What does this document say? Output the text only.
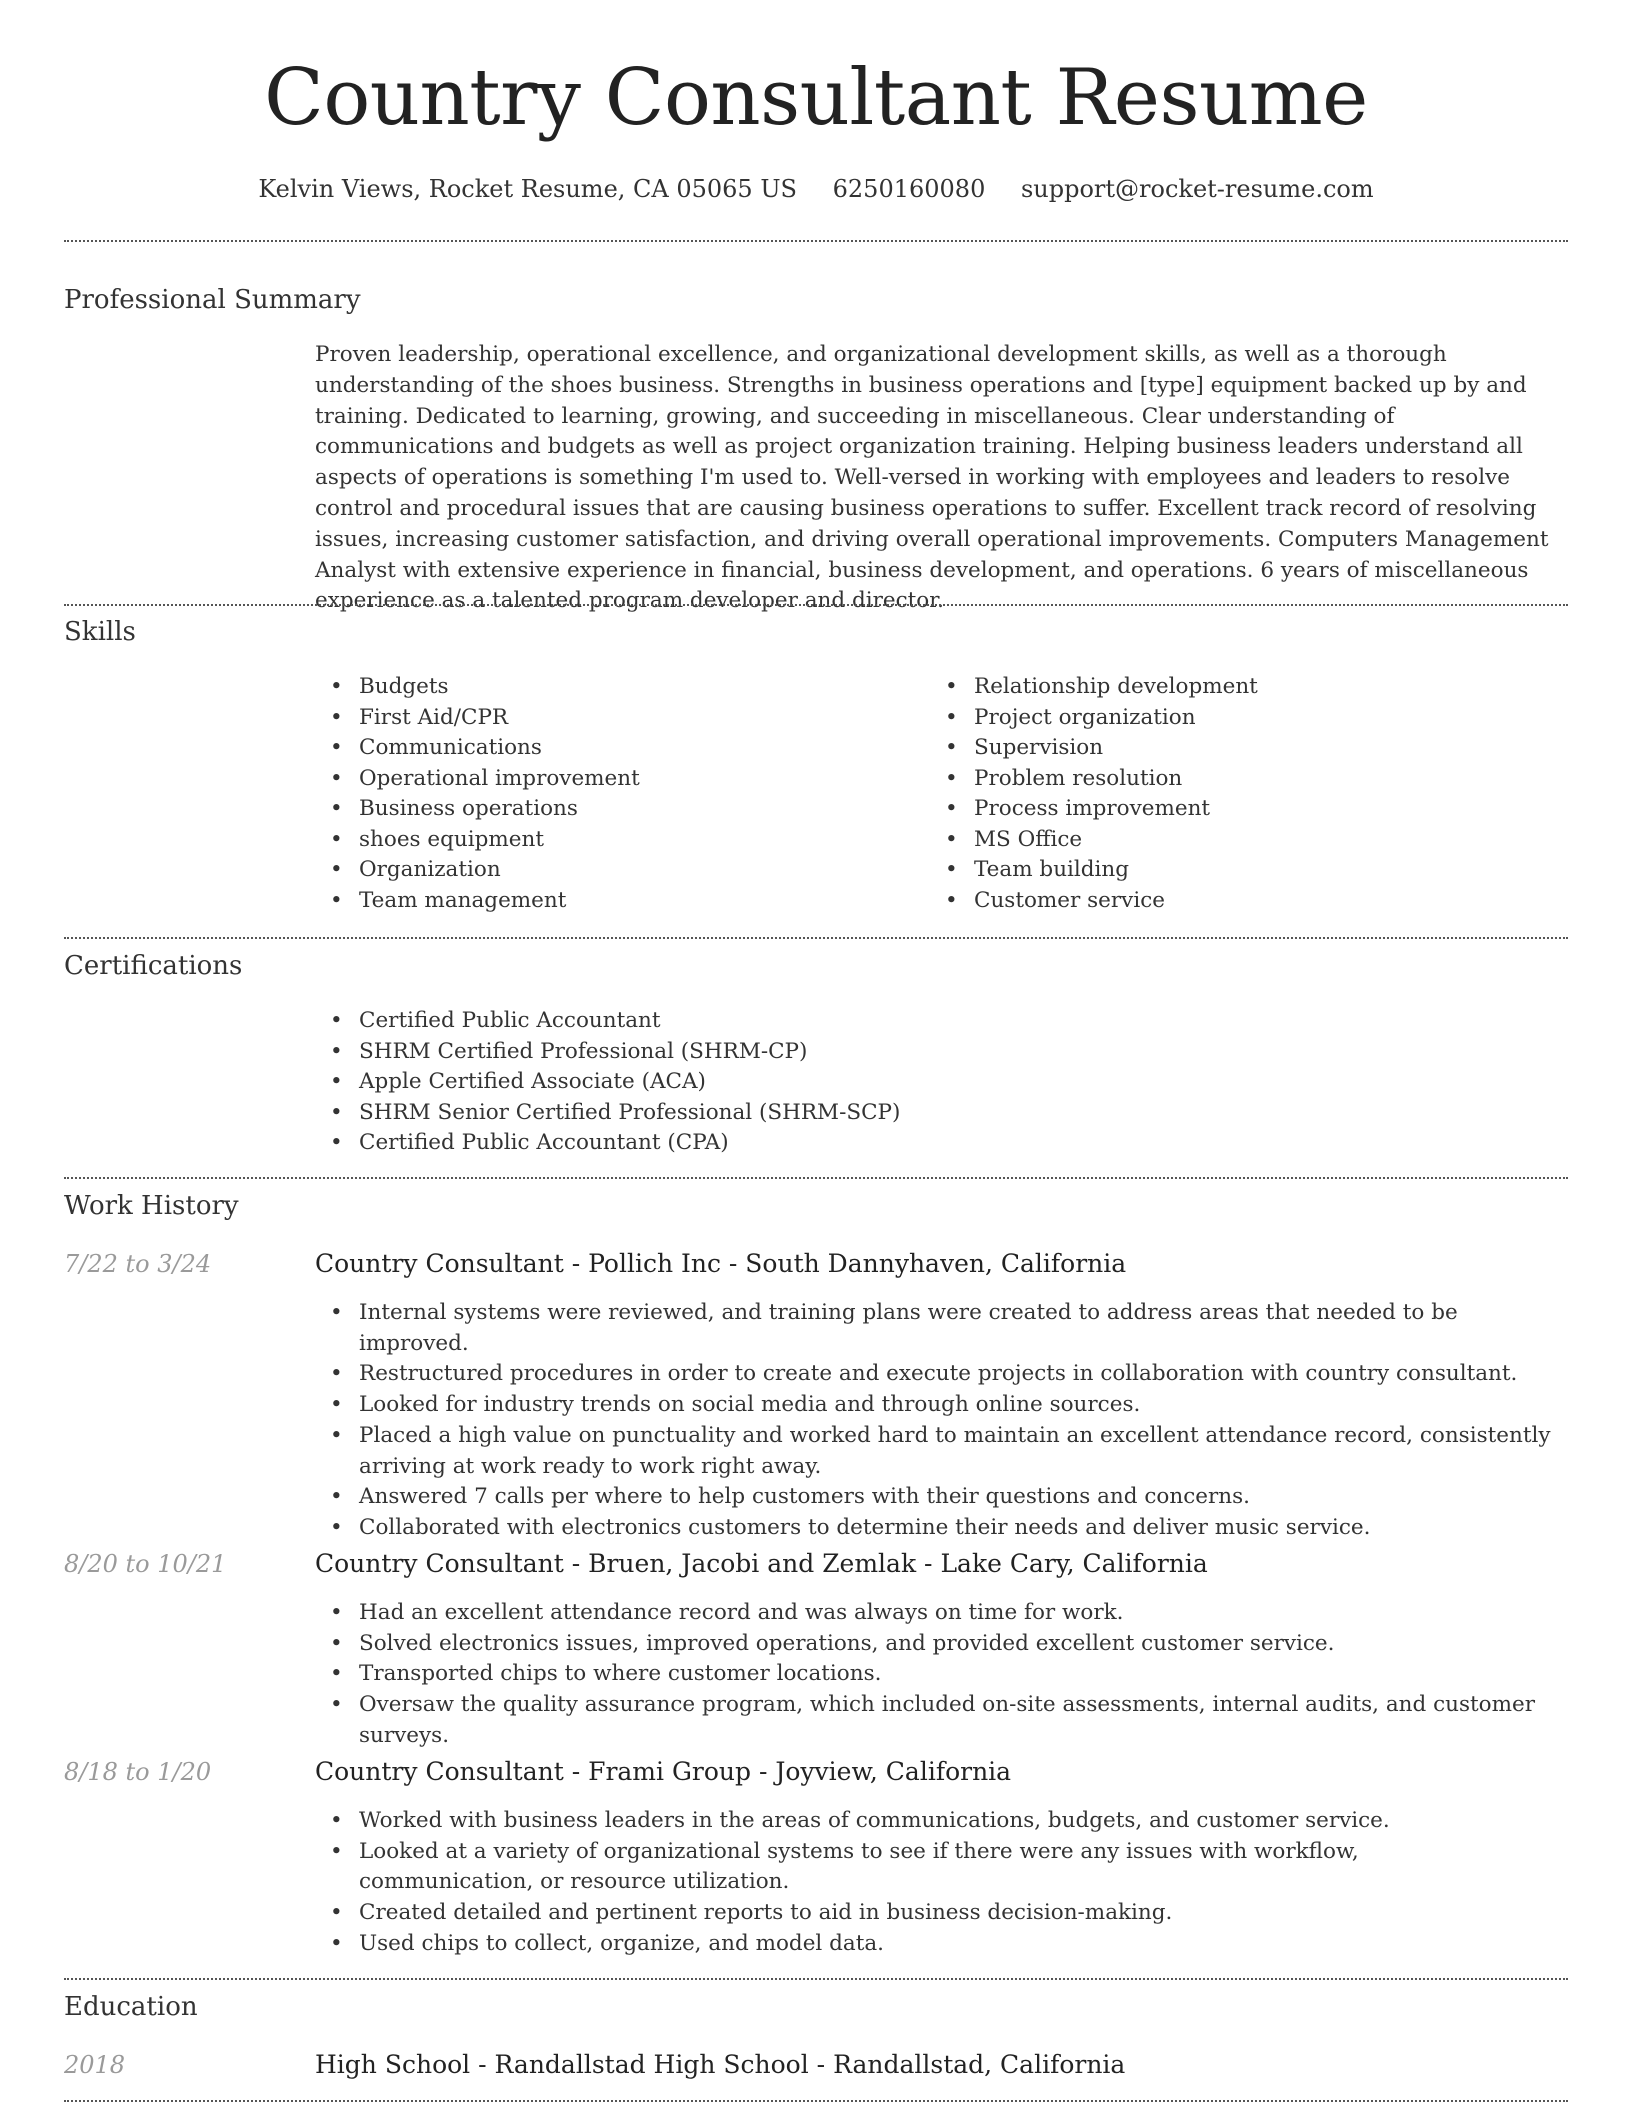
Country Consultant Resume
Kelvin Views, Rocket Resume, CA 05065 US 6250160080 support@rocket-resume.com
Professional Summary

Proven leadership, operational excellence, and organizational development skills, as well as a thorough understanding of the shoes business. Strengths in business operations and [type] equipment backed up by and training. Dedicated to learning, growing, and succeeding in miscellaneous. Clear understanding of communications and budgets as well as project organization training. Helping business leaders understand all aspects of operations is something I'm used to. Well-versed in working with employees and leaders to resolve control and procedural issues that are causing business operations to suffer. Excellent track record of resolving issues, increasing customer satisfaction, and driving overall operational improvements. Computers Management Analyst with extensive experience in financial, business development, and operations. 6 years of miscellaneous experience as a talented program developer and director.

Skills
• Budgets
• First Aid/CPR
• Communications
• Operational improvement
• Business operations
• shoes equipment
• Organization
• Team management
• Relationship development
• Project organization
• Supervision
• Problem resolution
• Process improvement
• MS Office
• Team building
• Customer service
Certifications
• Certified Public Accountant
• SHRM Certified Professional (SHRM-CP)
• Apple Certified Associate (ACA)
• SHRM Senior Certified Professional (SHRM-SCP)
• Certified Public Accountant (CPA)
Work History
7/22 to 3/24	Country Consultant - Pollich Inc - South Dannyhaven, California
• Internal systems were reviewed, and training plans were created to address areas that needed to be improved.
• Restructured procedures in order to create and execute projects in collaboration with country consultant.
• Looked for industry trends on social media and through online sources.
• Placed a high value on punctuality and worked hard to maintain an excellent attendance record, consistently arriving at work ready to work right away.
• Answered 7 calls per where to help customers with their questions and concerns.
• Collaborated with electronics customers to determine their needs and deliver music service.
8/20 to 10/21	Country Consultant - Bruen, Jacobi and Zemlak - Lake Cary, California
• Had an excellent attendance record and was always on time for work.
• Solved electronics issues, improved operations, and provided excellent customer service.
• Transported chips to where customer locations.
• Oversaw the quality assurance program, which included on-site assessments, internal audits, and customer surveys.
8/18 to 1/20	Country Consultant - Frami Group - Joyview, California
• Worked with business leaders in the areas of communications, budgets, and customer service.
• Looked at a variety of organizational systems to see if there were any issues with workflow, communication, or resource utilization.
• Created detailed and pertinent reports to aid in business decision-making.
• Used chips to collect, organize, and model data.
Education
2018	High School - Randallstad High School - Randallstad, California
